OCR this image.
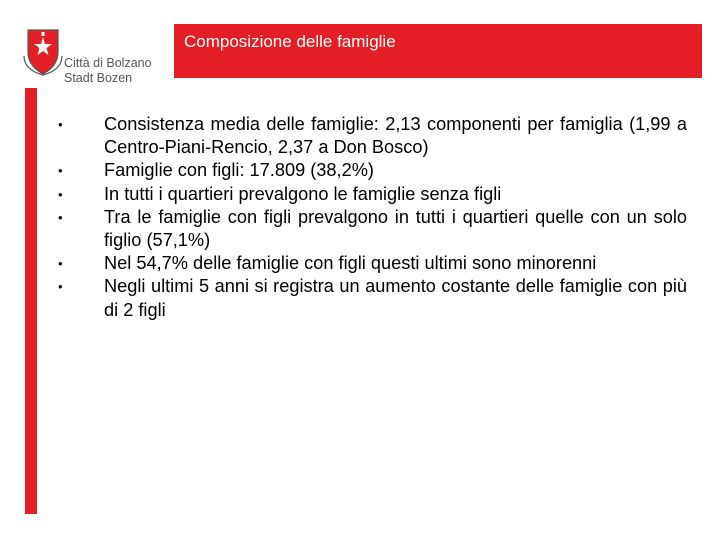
Città di Bolzano
Stadt Bozen
Composizione delle famiglie
• Consistenza media delle famiglie: 2,13 componenti per famiglia (1,99 a Centro-Piani-Rencio, 2,37 a Don Bosco)
• Famiglie con figli: 17.809 (38,2%)
• In tutti i quartieri prevalgono le famiglie senza figli
• Tra le famiglie con figli prevalgono in tutti i quartieri quelle con un solo figlio (57,1%)
• Nel 54,7% delle famiglie con figli questi ultimi sono minorenni
• Negli ultimi 5 anni si registra un aumento costante delle famiglie con più di 2 figli
